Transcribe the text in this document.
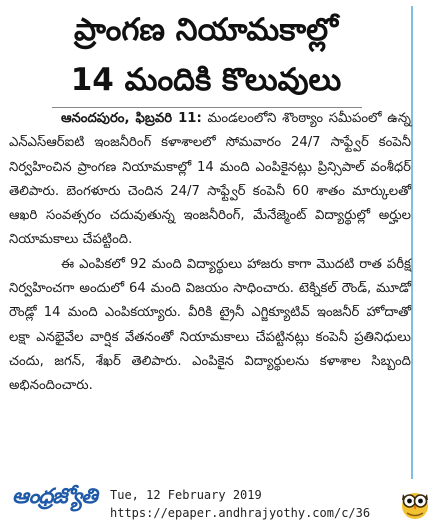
ప్రాంగణ నియామకాల్లో
14 మందికి కొలువులు

ఆనందపురం, ఫిబ్రవరి 11: మండలంలోని శొంఠ్యాం సమీపంలో ఉన్న ఎన్ఎస్ఆర్ఐటి ఇంజనీరింగ్ కళాశాలలో సోమవారం 24/7 సాఫ్ట్వేర్ కంపెనీ నిర్వహించిన ప్రాంగణ నియామకాల్లో 14 మంది ఎంపికైనట్లు ప్రిన్సిపాల్ వంశీధర్ తెలిపారు. బెంగళూరు చెందిన 24/7 సాఫ్ట్వేర్ కంపెనీ 60 శాతం మార్కులతో ఆఖరి సంవత్సరం చదువుతున్న ఇంజనీరింగ్, మేనేజ్మెంట్ విద్యార్థుల్లో అర్హుల నియామకాలు చేపట్టింది.

ఈ ఎంపికలో 92 మంది విద్యార్థులు హాజరు కాగా మొదటి రాత పరీక్ష నిర్వహించగా అందులో 64 మంది విజయం సాధించారు. టెక్నికల్ రౌండ్, మూడో రౌండ్లో 14 మంది ఎంపికయ్యారు. వీరికి ట్రైనీ ఎగ్జిక్యూటివ్ ఇంజనీర్ హోదాతో లక్షా ఎనభైవేల వార్షిక వేతనంతో నియామకాలు చేపట్టినట్లు కంపెనీ ప్రతినిధులు చందు, జగన్, శేఖర్ తెలిపారు. ఎంపికైన విద్యార్థులను కళాశాల సిబ్బంది అభినందించారు.

ఆంధ్రజ్యోతి Tue, 12 February 2019
https://epaper.andhrajyothy.com/c/36
